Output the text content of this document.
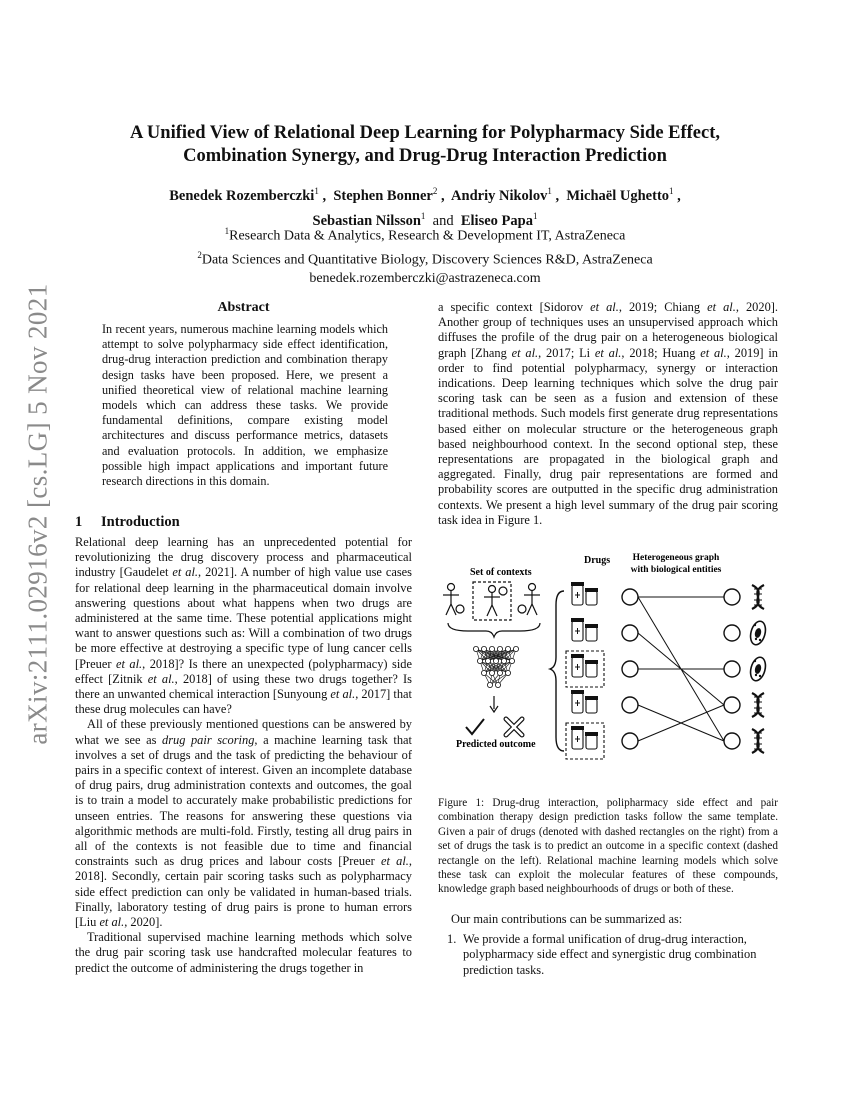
arXiv:2111.02916v2 [cs.LG] 5 Nov 2021
A Unified View of Relational Deep Learning for Polypharmacy Side Effect,
Combination Synergy, and Drug-Drug Interaction Prediction
Benedek Rozemberczki$^1$ ,  Stephen Bonner$^2$ ,  Andriy Nikolov$^1$ ,  Michaël Ughetto$^1$ ,
Sebastian Nilsson$^1$ and Eliseo Papa$^1$
$^1$Research Data & Analytics, Research & Development IT, AstraZeneca
$^2$Data Sciences and Quantitative Biology, Discovery Sciences R&D, AstraZeneca
benedek.rozemberczki@astrazeneca.com
Abstract
In recent years, numerous machine learning models which attempt to solve polypharmacy side effect identification, drug-drug interaction prediction and combination therapy design tasks have been proposed. Here, we present a unified theoretical view of relational machine learning models which can address these tasks. We provide fundamental definitions, compare existing model architectures and discuss performance metrics, datasets and evaluation protocols. In addition, we emphasize possible high impact applications and important future research directions in this domain.
1 Introduction

Relational deep learning has an unprecedented potential for revolutionizing the drug discovery process and pharmaceutical industry [Gaudelet et al., 2021]. A number of high value use cases for relational deep learning in the pharmaceutical domain involve answering questions about what happens when two drugs are administered at the same time. These potential applications might want to answer questions such as: Will a combination of two drugs be more effective at destroying a specific type of lung cancer cells [Preuer et al., 2018]? Is there an unexpected (polypharmacy) side effect [Zitnik et al., 2018] of using these two drugs together? Is there an unwanted chemical interaction [Sunyoung et al., 2017] that these drug molecules can have?

All of these previously mentioned questions can be answered by what we see as drug pair scoring, a machine learning task that involves a set of drugs and the task of predicting the behaviour of pairs in a specific context of interest. Given an incomplete database of drug pairs, drug administration contexts and outcomes, the goal is to train a model to accurately make probabilistic predictions for unseen entries. The reasons for answering these questions via algorithmic methods are multi-fold. Firstly, testing all drug pairs in all of the contexts is not feasible due to time and financial constraints such as drug prices and labour costs [Preuer et al., 2018]. Secondly, certain pair scoring tasks such as polypharmacy side effect prediction can only be validated in human-based trials. Finally, laboratory testing of drug pairs is prone to human errors [Liu et al., 2020].

Traditional supervised machine learning methods which solve the drug pair scoring task use handcrafted molecular features to predict the outcome of administering the drugs together in

a specific context [Sidorov et al., 2019; Chiang et al., 2020]. Another group of techniques uses an unsupervised approach which diffuses the profile of the drug pair on a heterogeneous biological graph [Zhang et al., 2017; Li et al., 2018; Huang et al., 2019] in order to find potential polypharmacy, synergy or interaction indications. Deep learning techniques which solve the drug pair scoring task can be seen as a fusion and extension of these traditional methods. Such models first generate drug representations based either on molecular structure or the heterogeneous graph based neighbourhood context. In the second optional step, these representations are propagated in the biological graph and aggregated. Finally, drug pair representations are formed and probability scores are outputted in the specific drug administration contexts. We present a high level summary of the drug pair scoring task idea in Figure 1.

Set of contexts
Drugs Heterogeneous graph
with biological entities
Predicted outcome
Figure 1: Drug-drug interaction, polipharmacy side effect and pair combination therapy design prediction tasks follow the same template. Given a pair of drugs (denoted with dashed rectangles on the right) from a set of drugs the task is to predict an outcome in a specific context (dashed rectangle on the left). Relational machine learning models which solve these task can exploit the molecular features of these compounds, knowledge graph based neighbourhoods of drugs or both of these.
Our main contributions can be summarized as:
1. We provide a formal unification of drug-drug interaction, polypharmacy side effect and synergistic drug combination prediction tasks.
